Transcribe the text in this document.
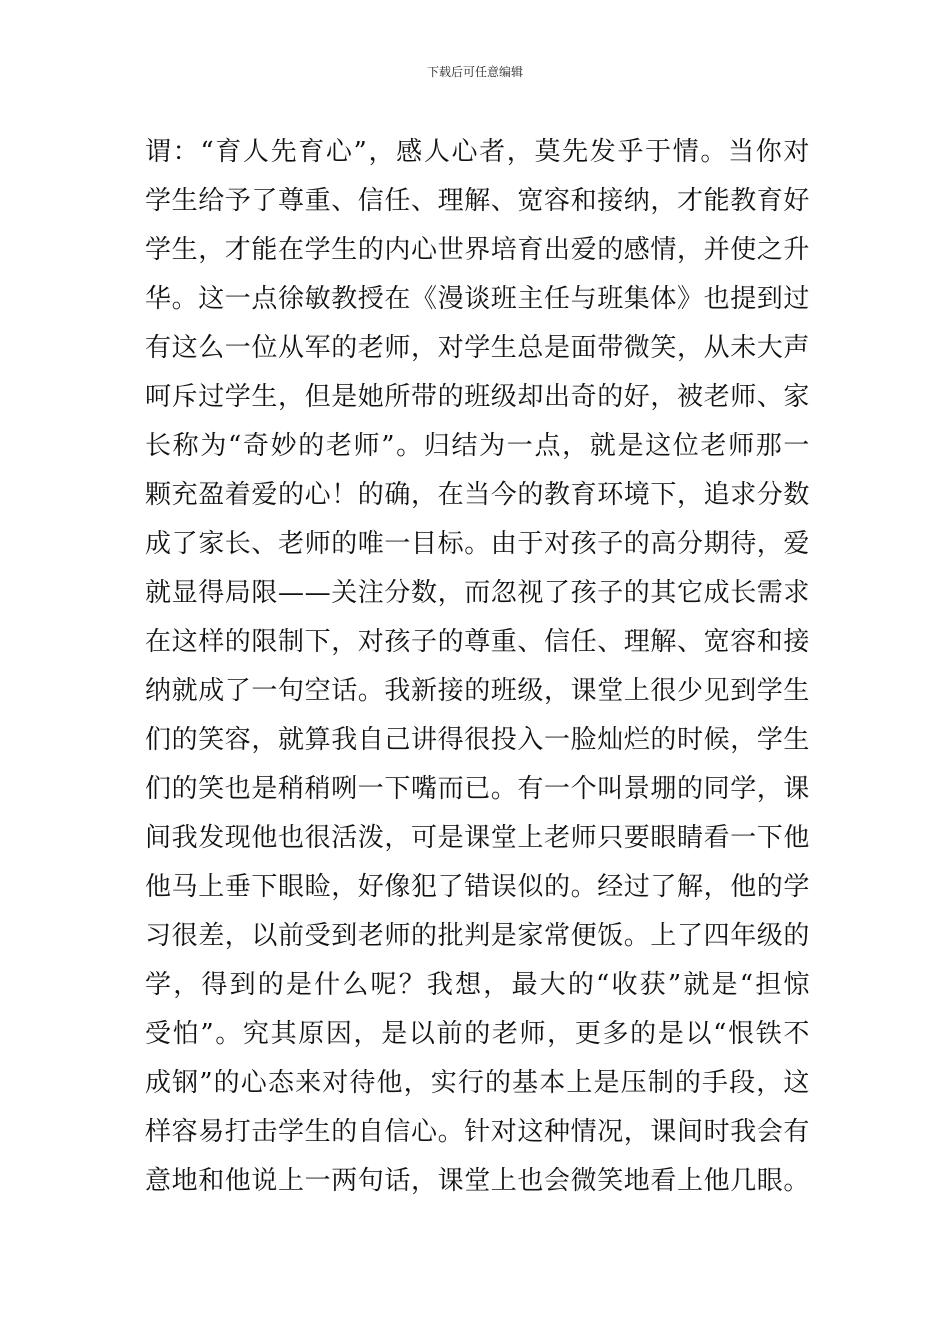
下载后可任意编辑
谓：“育人先育心”，感人心者，莫先发乎于情。当你对
学生给予了尊重、信任、理解、宽容和接纳，才能教育好
学生，才能在学生的内心世界培育出爱的感情，并使之升
华。这一点徐敏教授在《漫谈班主任与班集体》也提到过
有这么一位从军的老师，对学生总是面带微笑，从未大声
呵斥过学生，但是她所带的班级却出奇的好，被老师、家
长称为“奇妙的老师”。归结为一点，就是这位老师那一
颗充盈着爱的心！的确，在当今的教育环境下，追求分数
成了家长、老师的唯一目标。由于对孩子的高分期待，爱
就显得局限——关注分数，而忽视了孩子的其它成长需求
在这样的限制下，对孩子的尊重、信任、理解、宽容和接
纳就成了一句空话。我新接的班级，课堂上很少见到学生
们的笑容，就算我自己讲得很投入一脸灿烂的时候，学生
们的笑也是稍稍咧一下嘴而已。有一个叫景堋的同学，课
间我发现他也很活泼，可是课堂上老师只要眼睛看一下他
他马上垂下眼睑，好像犯了错误似的。经过了解，他的学
习很差，以前受到老师的批判是家常便饭。上了四年级的
学，得到的是什么呢？我想，最大的“收获”就是“担惊
受怕”。究其原因，是以前的老师，更多的是以“恨铁不
成钢”的心态来对待他，实行的基本上是压制的手段，这
样容易打击学生的自信心。针对这种情况，课间时我会有
意地和他说上一两句话，课堂上也会微笑地看上他几眼。
